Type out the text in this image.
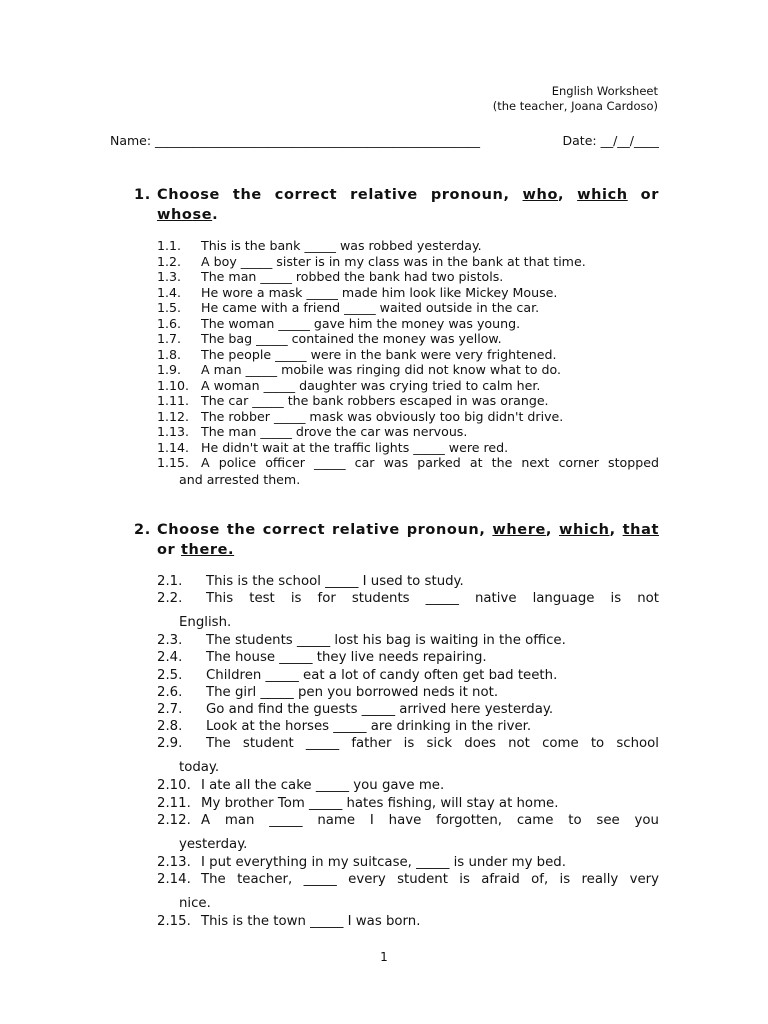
English Worksheet
(the teacher, Joana Cardoso)
Name: ____________________________________________________	Date: __/__/____
1. Choose the correct relative pronoun, who, which or
whose.
1.1. This is the bank _____ was robbed yesterday.
1.2. A boy _____ sister is in my class was in the bank at that time.
1.3. The man _____ robbed the bank had two pistols.
1.4. He wore a mask _____ made him look like Mickey Mouse.
1.5. He came with a friend _____ waited outside in the car.
1.6. The woman _____ gave him the money was young.
1.7. The bag _____ contained the money was yellow.
1.8. The people _____ were in the bank were very frightened.
1.9. A man _____ mobile was ringing did not know what to do.
1.10. A woman _____ daughter was crying tried to calm her.
1.11. The car _____ the bank robbers escaped in was orange.
1.12. The robber _____ mask was obviously too big didn't drive.
1.13. The man _____ drove the car was nervous.
1.14. He didn't wait at the traffic lights _____ were red.
1.15. A police officer _____ car was parked at the next corner stopped
and arrested them.
2. Choose the correct relative pronoun, where, which, that
or there.
2.1. This is the school _____ I used to study.
2.2. This test is for students _____ native language is not
English.
2.3. The students _____ lost his bag is waiting in the office.
2.4. The house _____ they live needs repairing.
2.5. Children _____ eat a lot of candy often get bad teeth.
2.6. The girl _____ pen you borrowed neds it not.
2.7. Go and find the guests _____ arrived here yesterday.
2.8. Look at the horses _____ are drinking in the river.
2.9. The student _____ father is sick does not come to school
today.
2.10. I ate all the cake _____ you gave me.
2.11. My brother Tom _____ hates fishing, will stay at home.
2.12. A man _____ name I have forgotten, came to see you
yesterday.
2.13. I put everything in my suitcase, _____ is under my bed.
2.14. The teacher, _____ every student is afraid of, is really very
nice.
2.15. This is the town _____ I was born.
1
